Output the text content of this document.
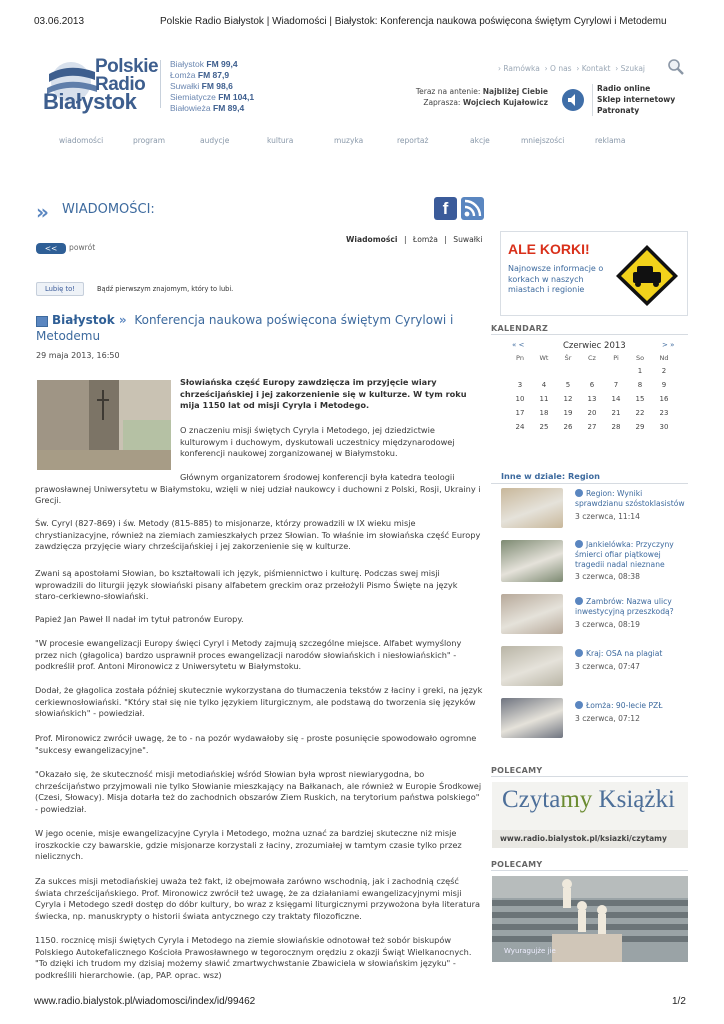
03.06.2013	Polskie Radio Białystok | Wiadomości | Białystok: Konferencja naukowa poświęcona świętym Cyrylowi i Metodemu
Polskie
Radio
Białystok
Białystok FM 99,4
Łomża FM 87,9
Suwałki FM 98,6
Siemiatycze FM 104,1
Białowieża FM 89,4
› Ramówka › O nas › Kontakt › Szukaj
Teraz na antenie: Najbliżej Ciebie
Zaprasza: Wojciech Kujałowicz
Radio online
Sklep internetowy
Patronaty
wiadomości	program	audycje	kultura	muzyka	reportaż	akcje	mniejszości	reklama
» WIADOMOŚCI:	f
Wiadomości | Łomża | Suwałki
<<	powrót
Lubię to!	Bądź pierwszym znajomym, który to lubi.
Białystok » Konferencja naukowa poświęcona świętym Cyrylowi i Metodemu
29 maja 2013, 16:50

Słowiańska część Europy zawdzięcza im przyjęcie wiary chrześcijańskiej i jej zakorzenienie się w kulturze. W tym roku mija 1150 lat od misji Cyryla i Metodego.

O znaczeniu misji świętych Cyryla i Metodego, jej dziedzictwie kulturowym i duchowym, dyskutowali uczestnicy międzynarodowej konferencji naukowej zorganizowanej w Białymstoku.

Głównym organizatorem środowej konferencji była katedra teologii prawosławnej Uniwersytetu w Białymstoku, wzięli w niej udział naukowcy i duchowni z Polski, Rosji, Ukrainy i Grecji.

Św. Cyryl (827-869) i św. Metody (815-885) to misjonarze, którzy prowadzili w IX wieku misje chrystianizacyjne, również na ziemiach zamieszkałych przez Słowian. To właśnie im słowiańska część Europy zawdzięcza przyjęcie wiary chrześcijańskiej i jej zakorzenienie się w kulturze.

Zwani są apostołami Słowian, bo kształtowali ich język, piśmiennictwo i kulturę. Podczas swej misji wprowadzili do liturgii język słowiański pisany alfabetem greckim oraz przełożyli Pismo Święte na język staro-cerkiewno-słowiański.

Papież Jan Paweł II nadał im tytuł patronów Europy.

"W procesie ewangelizacji Europy święci Cyryl i Metody zajmują szczególne miejsce. Alfabet wymyślony przez nich (głagolica) bardzo usprawnił proces ewangelizacji narodów słowiańskich i niesłowiańskich" - podkreślił prof. Antoni Mironowicz z Uniwersytetu w Białymstoku.

Dodał, że głagolica została później skutecznie wykorzystana do tłumaczenia tekstów z łaciny i greki, na język cerkiewnosłowiański. "Który stał się nie tylko językiem liturgicznym, ale podstawą do tworzenia się języków słowiańskich" - powiedział.

Prof. Mironowicz zwrócił uwagę, że to - na pozór wydawałoby się - proste posunięcie spowodowało ogromne "sukcesy ewangelizacyjne".

"Okazało się, że skuteczność misji metodiańskiej wśród Słowian była wprost niewiarygodna, bo chrześcijaństwo przyjmowali nie tylko Słowianie mieszkający na Bałkanach, ale również w Europie Środkowej (Czesi, Słowacy). Misja dotarła też do zachodnich obszarów Ziem Ruskich, na terytorium państwa polskiego" - powiedział.

W jego ocenie, misje ewangelizacyjne Cyryla i Metodego, można uznać za bardziej skuteczne niż misje iroszkockie czy bawarskie, gdzie misjonarze korzystali z łaciny, zrozumiałej w tamtym czasie tylko przez nielicznych.

Za sukces misji metodiańskiej uważa też fakt, iż obejmowała zarówno wschodnią, jak i zachodnią część świata chrześcijańskiego. Prof. Mironowicz zwrócił też uwagę, że za działaniami ewangelizacyjnymi misji Cyryla i Metodego szedł dostęp do dóbr kultury, bo wraz z księgami liturgicznymi przywożona była literatura świecka, np. manuskrypty o historii świata antycznego czy traktaty filozoficzne.

1150. rocznicę misji świętych Cyryla i Metodego na ziemie słowiańskie odnotował też sobór biskupów Polskiego Autokefalicznego Kościoła Prawosławnego w tegorocznym orędziu z okazji Świąt Wielkanocnych. "To dzięki ich trudom my dzisiaj możemy sławić zmartwychwstanie Zbawiciela w słowiańskim języku" - podkreślili hierarchowie. (ap, PAP. oprac. wsz)

ALE KORKI!
Najnowsze informacje o korkach w naszych miastach i regionie
KALENDARZ
« <	Czerwiec 2013	> »
Pn	Wt	Śr	Cz	Pi	So	Nd
					1	2
3	4	5	6	7	8	9
10	11	12	13	14	15	16
17	18	19	20	21	22	23
24	25	26	27	28	29	30
Inne w dziale: Region
Region: Wyniki sprawdzianu szóstoklasistów
3 czerwca, 11:14
Jankielówka: Przyczyny śmierci ofiar piątkowej tragedii nadal nieznane
3 czerwca, 08:38
Zambrów: Nazwa ulicy inwestycyjną przeszkodą?
3 czerwca, 08:19
Kraj: OSA na plagiat
3 czerwca, 07:47
Łomża: 90-lecie PZŁ
3 czerwca, 07:12
POLECAMY
Czytamy Książki
www.radio.bialystok.pl/ksiazki/czytamy
POLECAMY
Wyuragujże jie
www.radio.bialystok.pl/wiadomosci/index/id/99462	1/2
